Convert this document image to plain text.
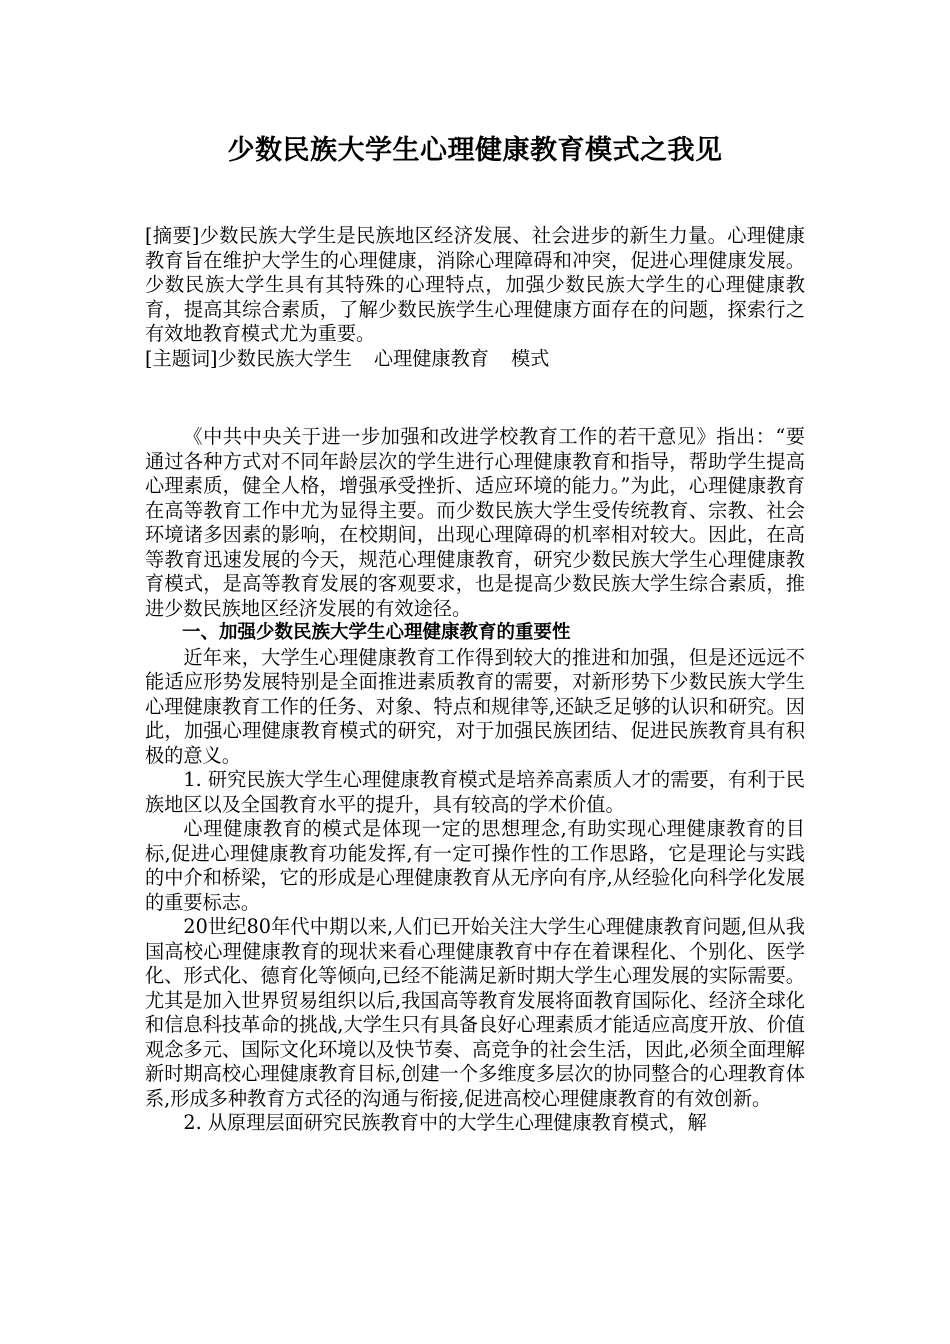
少数民族大学生心理健康教育模式之我见

[摘要]少数民族大学生是民族地区经济发展、社会进步的新生力量。心理健康教育旨在维护大学生的心理健康，消除心理障碍和冲突，促进心理健康发展。少数民族大学生具有其特殊的心理特点，加强少数民族大学生的心理健康教育，提高其综合素质，了解少数民族学生心理健康方面存在的问题，探索行之有效地教育模式尤为重要。

[主题词]少数民族大学生 心理健康教育 模式

《中共中央关于进一步加强和改进学校教育工作的若干意见》指出：“要通过各种方式对不同年龄层次的学生进行心理健康教育和指导，帮助学生提高心理素质，健全人格，增强承受挫折、适应环境的能力。”为此，心理健康教育在高等教育工作中尤为显得主要。而少数民族大学生受传统教育、宗教、社会环境诸多因素的影响，在校期间，出现心理障碍的机率相对较大。因此，在高等教育迅速发展的今天，规范心理健康教育，研究少数民族大学生心理健康教育模式，是高等教育发展的客观要求，也是提高少数民族大学生综合素质，推进少数民族地区经济发展的有效途径。

一、加强少数民族大学生心理健康教育的重要性

近年来，大学生心理健康教育工作得到较大的推进和加强，但是还远远不能适应形势发展特别是全面推进素质教育的需要，对新形势下少数民族大学生心理健康教育工作的任务、对象、特点和规律等,还缺乏足够的认识和研究。因此，加强心理健康教育模式的研究，对于加强民族团结、促进民族教育具有积极的意义。

1. 研究民族大学生心理健康教育模式是培养高素质人才的需要，有利于民族地区以及全国教育水平的提升，具有较高的学术价值。

心理健康教育的模式是体现一定的思想理念,有助实现心理健康教育的目标,促进心理健康教育功能发挥,有一定可操作性的工作思路，它是理论与实践的中介和桥梁，它的形成是心理健康教育从无序向有序,从经验化向科学化发展的重要标志。

20世纪80年代中期以来,人们已开始关注大学生心理健康教育问题,但从我国高校心理健康教育的现状来看心理健康教育中存在着课程化、个别化、医学化、形式化、德育化等倾向,已经不能满足新时期大学生心理发展的实际需要。尤其是加入世界贸易组织以后,我国高等教育发展将面教育国际化、经济全球化和信息科技革命的挑战,大学生只有具备良好心理素质才能适应高度开放、价值观念多元、国际文化环境以及快节奏、高竞争的社会生活，因此,必须全面理解新时期高校心理健康教育目标,创建一个多维度多层次的协同整合的心理教育体系,形成多种教育方式径的沟通与衔接,促进高校心理健康教育的有效创新。

2. 从原理层面研究民族教育中的大学生心理健康教育模式，解
